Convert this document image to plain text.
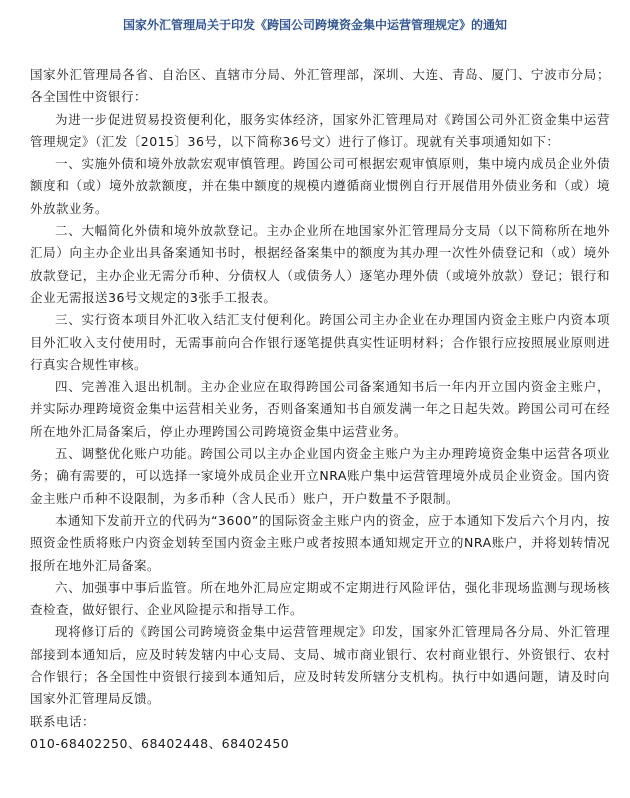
国家外汇管理局关于印发《跨国公司跨境资金集中运营管理规定》的通知

国家外汇管理局各省、自治区、直辖市分局、外汇管理部，深圳、大连、青岛、厦门、宁波市分局；各全国性中资银行：

为进一步促进贸易投资便利化，服务实体经济，国家外汇管理局对《跨国公司外汇资金集中运营管理规定》（汇发〔2015〕36号，以下简称36号文）进行了修订。现就有关事项通知如下：

一、实施外债和境外放款宏观审慎管理。跨国公司可根据宏观审慎原则，集中境内成员企业外债额度和（或）境外放款额度，并在集中额度的规模内遵循商业惯例自行开展借用外债业务和（或）境外放款业务。

二、大幅简化外债和境外放款登记。主办企业所在地国家外汇管理局分支局（以下简称所在地外汇局）向主办企业出具备案通知书时，根据经备案集中的额度为其办理一次性外债登记和（或）境外放款登记，主办企业无需分币种、分债权人（或债务人）逐笔办理外债（或境外放款）登记；银行和企业无需报送36号文规定的3张手工报表。

三、实行资本项目外汇收入结汇支付便利化。跨国公司主办企业在办理国内资金主账户内资本项目外汇收入支付使用时，无需事前向合作银行逐笔提供真实性证明材料；合作银行应按照展业原则进行真实合规性审核。

四、完善准入退出机制。主办企业应在取得跨国公司备案通知书后一年内开立国内资金主账户，并实际办理跨境资金集中运营相关业务，否则备案通知书自颁发满一年之日起失效。跨国公司可在经所在地外汇局备案后，停止办理跨国公司跨境资金集中运营业务。

五、调整优化账户功能。跨国公司以主办企业国内资金主账户为主办理跨境资金集中运营各项业务；确有需要的，可以选择一家境外成员企业开立NRA账户集中运营管理境外成员企业资金。国内资金主账户币种不设限制，为多币种（含人民币）账户，开户数量不予限制。

本通知下发前开立的代码为“3600”的国际资金主账户内的资金，应于本通知下发后六个月内，按照资金性质将账户内资金划转至国内资金主账户或者按照本通知规定开立的NRA账户，并将划转情况报所在地外汇局备案。

六、加强事中事后监管。所在地外汇局应定期或不定期进行风险评估，强化非现场监测与现场核查检查，做好银行、企业风险提示和指导工作。

现将修订后的《跨国公司跨境资金集中运营管理规定》印发，国家外汇管理局各分局、外汇管理部接到本通知后，应及时转发辖内中心支局、支局、城市商业银行、农村商业银行、外资银行、农村合作银行；各全国性中资银行接到本通知后，应及时转发所辖分支机构。执行中如遇问题，请及时向国家外汇管理局反馈。

联系电话：

010-68402250、68402448、68402450
